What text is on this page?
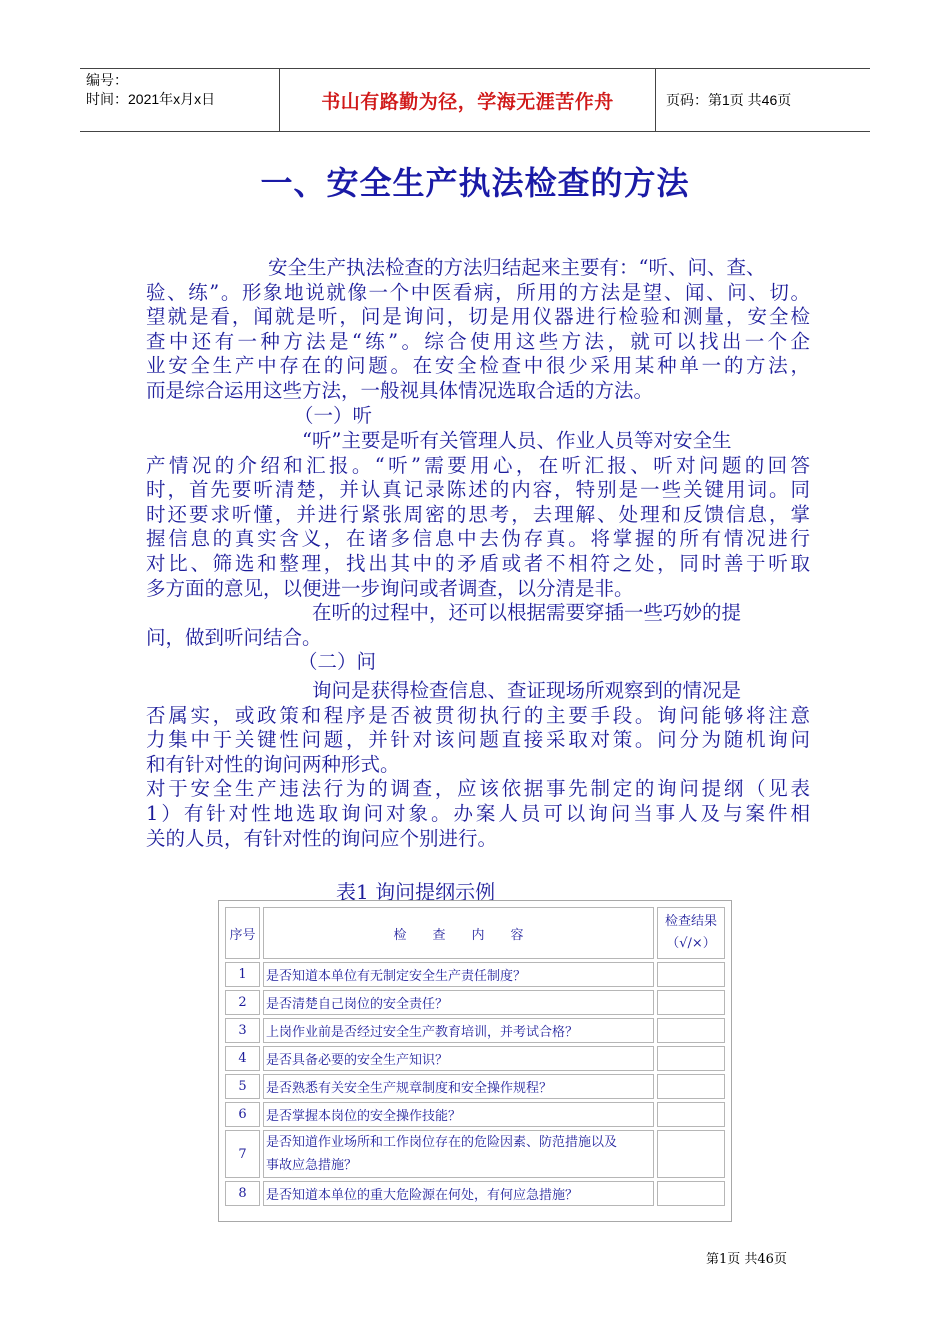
编号：
时间：2021年x月x日	书山有路勤为径，学海无涯苦作舟	页码：第1页 共46页
一、安全生产执法检查的方法
安全生产执法检查的方法归结起来主要有：“听、问、查、
验、练”。形象地说就像一个中医看病，所用的方法是望、闻、问、切。
望就是看，闻就是听，问是询问，切是用仪器进行检验和测量，安全检
查中还有一种方法是“练”。综合使用这些方法，就可以找出一个企
业安全生产中存在的问题。在安全检查中很少采用某种单一的方法，
而是综合运用这些方法，一般视具体情况选取合适的方法。
（一）听
“听”主要是听有关管理人员、作业人员等对安全生
产情况的介绍和汇报。“听”需要用心，在听汇报、听对问题的回答
时，首先要听清楚，并认真记录陈述的内容，特别是一些关键用词。同
时还要求听懂，并进行紧张周密的思考，去理解、处理和反馈信息，掌
握信息的真实含义，在诸多信息中去伪存真。将掌握的所有情况进行
对比、筛选和整理，找出其中的矛盾或者不相符之处，同时善于听取
多方面的意见，以便进一步询问或者调查，以分清是非。
在听的过程中，还可以根据需要穿插一些巧妙的提
问，做到听问结合。
（二）问
询问是获得检查信息、查证现场所观察到的情况是
否属实，或政策和程序是否被贯彻执行的主要手段。询问能够将注意
力集中于关键性问题，并针对该问题直接采取对策。问分为随机询问
和有针对性的询问两种形式。
对于安全生产违法行为的调查，应该依据事先制定的询问提纲（见表
1）有针对性地选取询问对象。办案人员可以询问当事人及与案件相
关的人员，有针对性的询问应个别进行。
表1 询问提纲示例
序号	检　　查　　内　　容	检查结果
（√/×）

1	是否知道本单位有无制定安全生产责任制度？	
2	是否清楚自己岗位的安全责任？	
3	上岗作业前是否经过安全生产教育培训，并考试合格？	
4	是否具备必要的安全生产知识？	
5	是否熟悉有关安全生产规章制度和安全操作规程？	
6	是否掌握本岗位的安全操作技能？	
7	是否知道作业场所和工作岗位存在的危险因素、防范措施以及
事故应急措施？	

8	是否知道本单位的重大危险源在何处，有何应急措施？	
第1页 共46页
